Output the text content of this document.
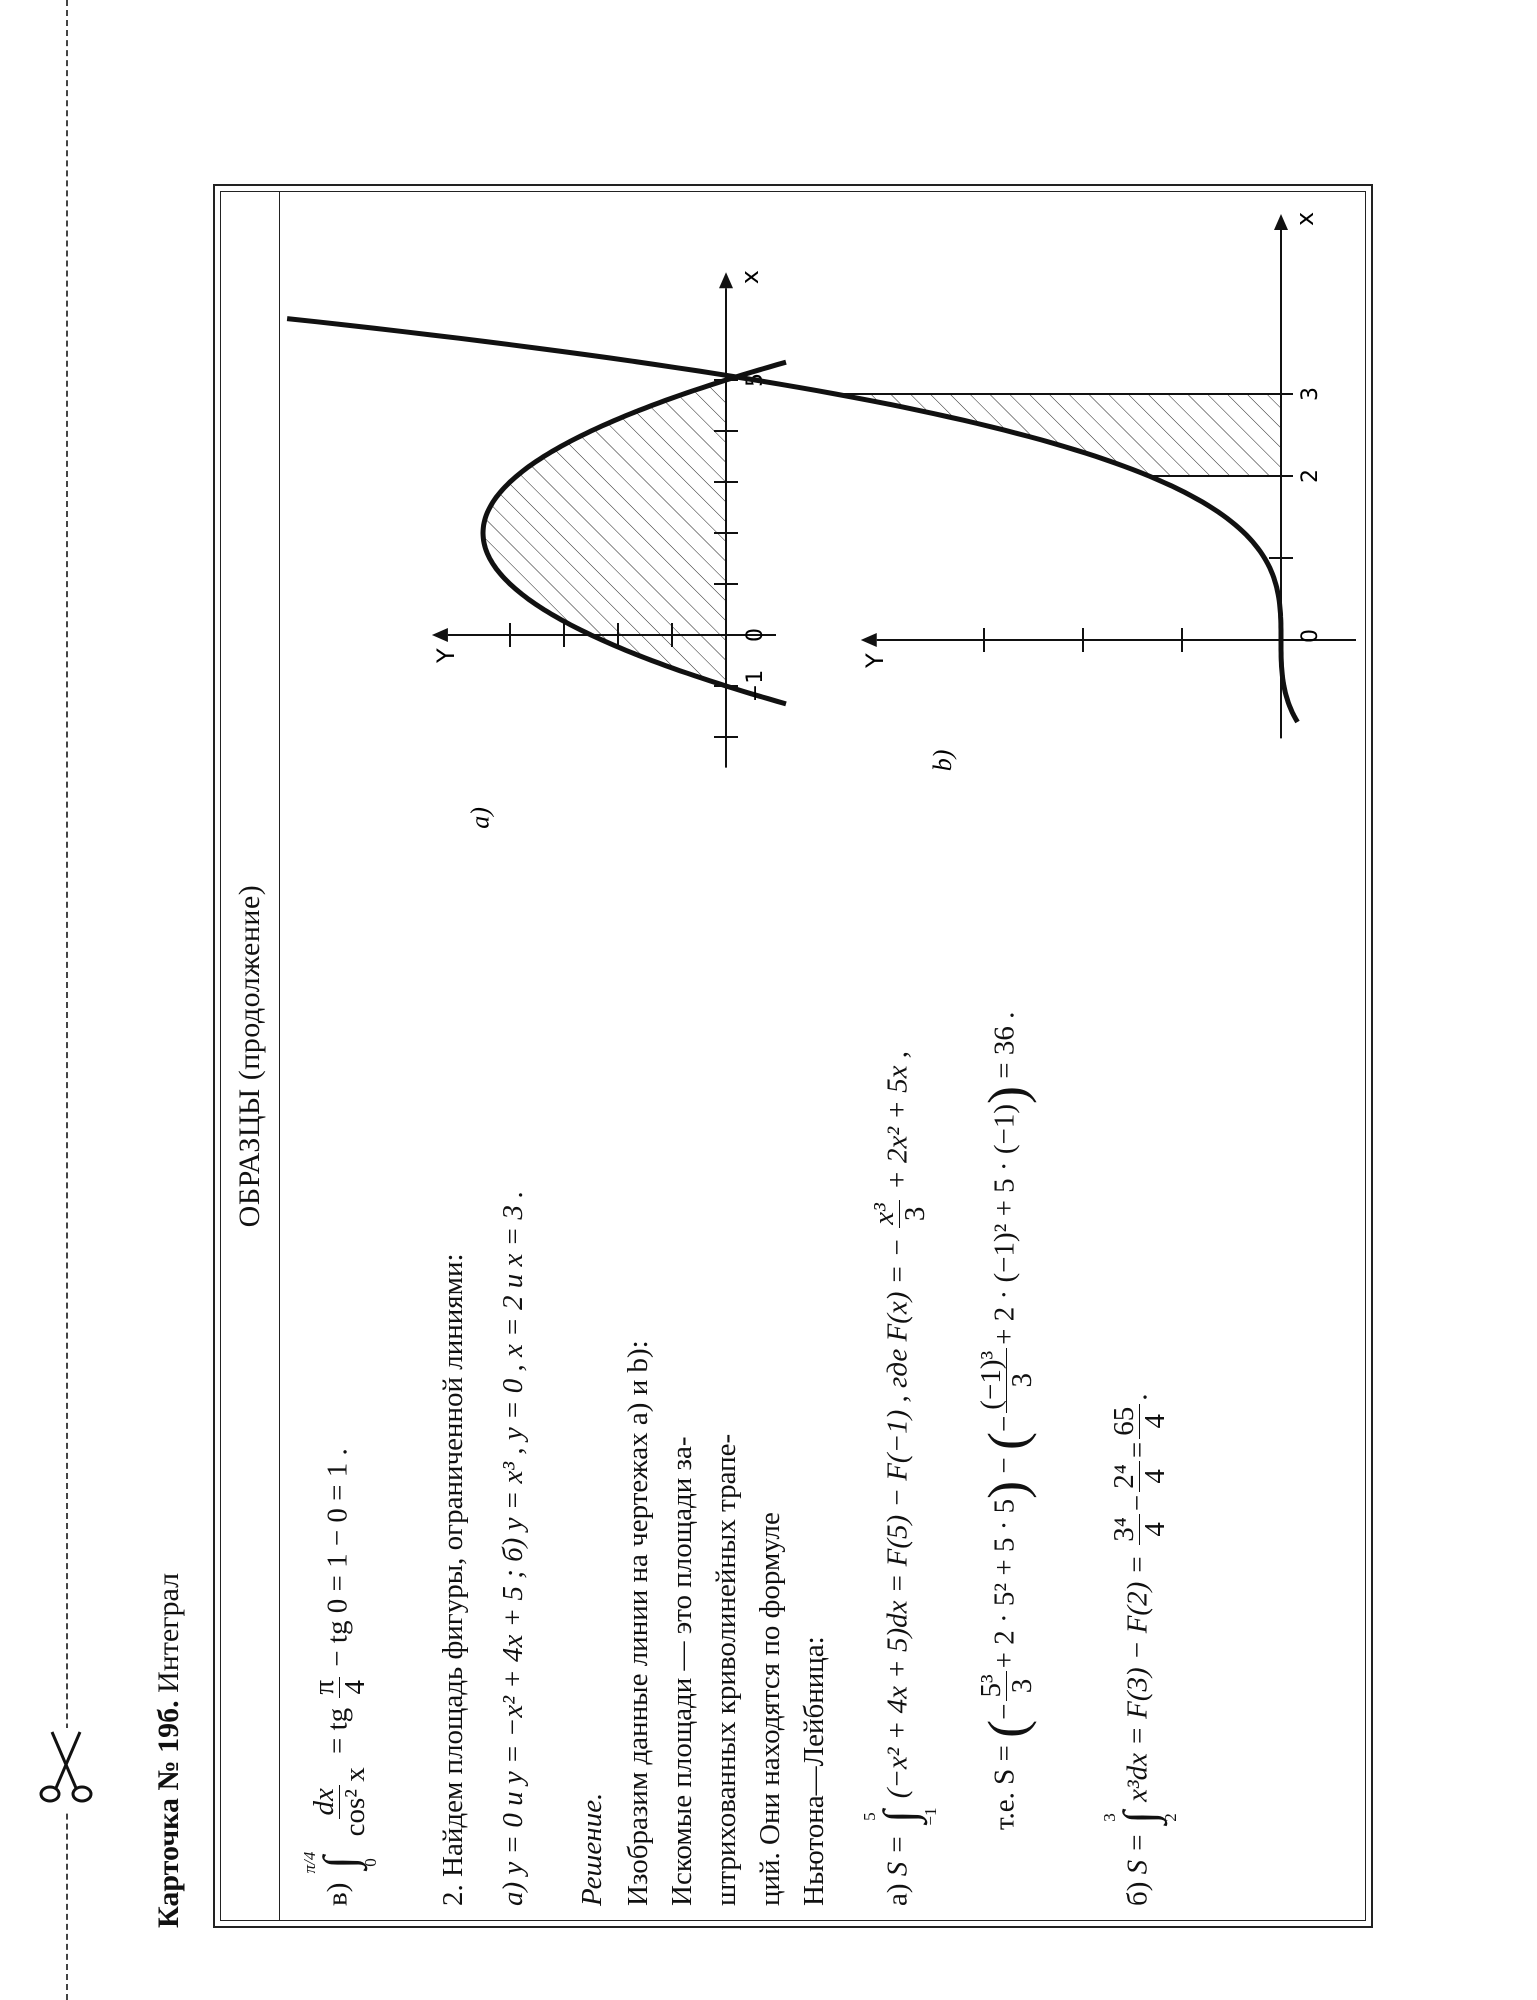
Карточка № 19б. Интеграл
ОБРАЗЦЫ (продолжение)
в)
π/4
∫
0

dx cos² x
= tg
π 4
− tg 0 = 1 − 0 = 1 .	2. Найдем площадь фигуры, ограниченной линиями: а) y = 0 и y = −x² + 4x + 5 ; б) y = x³ , y = 0 , x = 2 и x = 3 . Решение. Изобразим данные линии на чертежах a) и b): Искомые площади — это площади за- штрихованных криволинейных трапе- ций. Они находятся по формуле Ньютона—Лейбница:	а) S =
5
∫
−1
(−x² + 4x + 5)dx = F(5) − F(−1) , где F(x) = −
x³ 3
+ 2x² + 5x ,
т.е. S = (−
5³ 3
+ 2 · 5² + 5 · 5) − (−
(−1)³ 3
+ 2 · (−1)² + 5 · (−1)) = 36 .
б) S =
3
∫
2
x³dx = F(3) − F(2) =
3⁴ 4
−
2⁴ 4
=
65 4
.
−1
0
5
x
Y
a)
0
2
3
x
Y
b)
